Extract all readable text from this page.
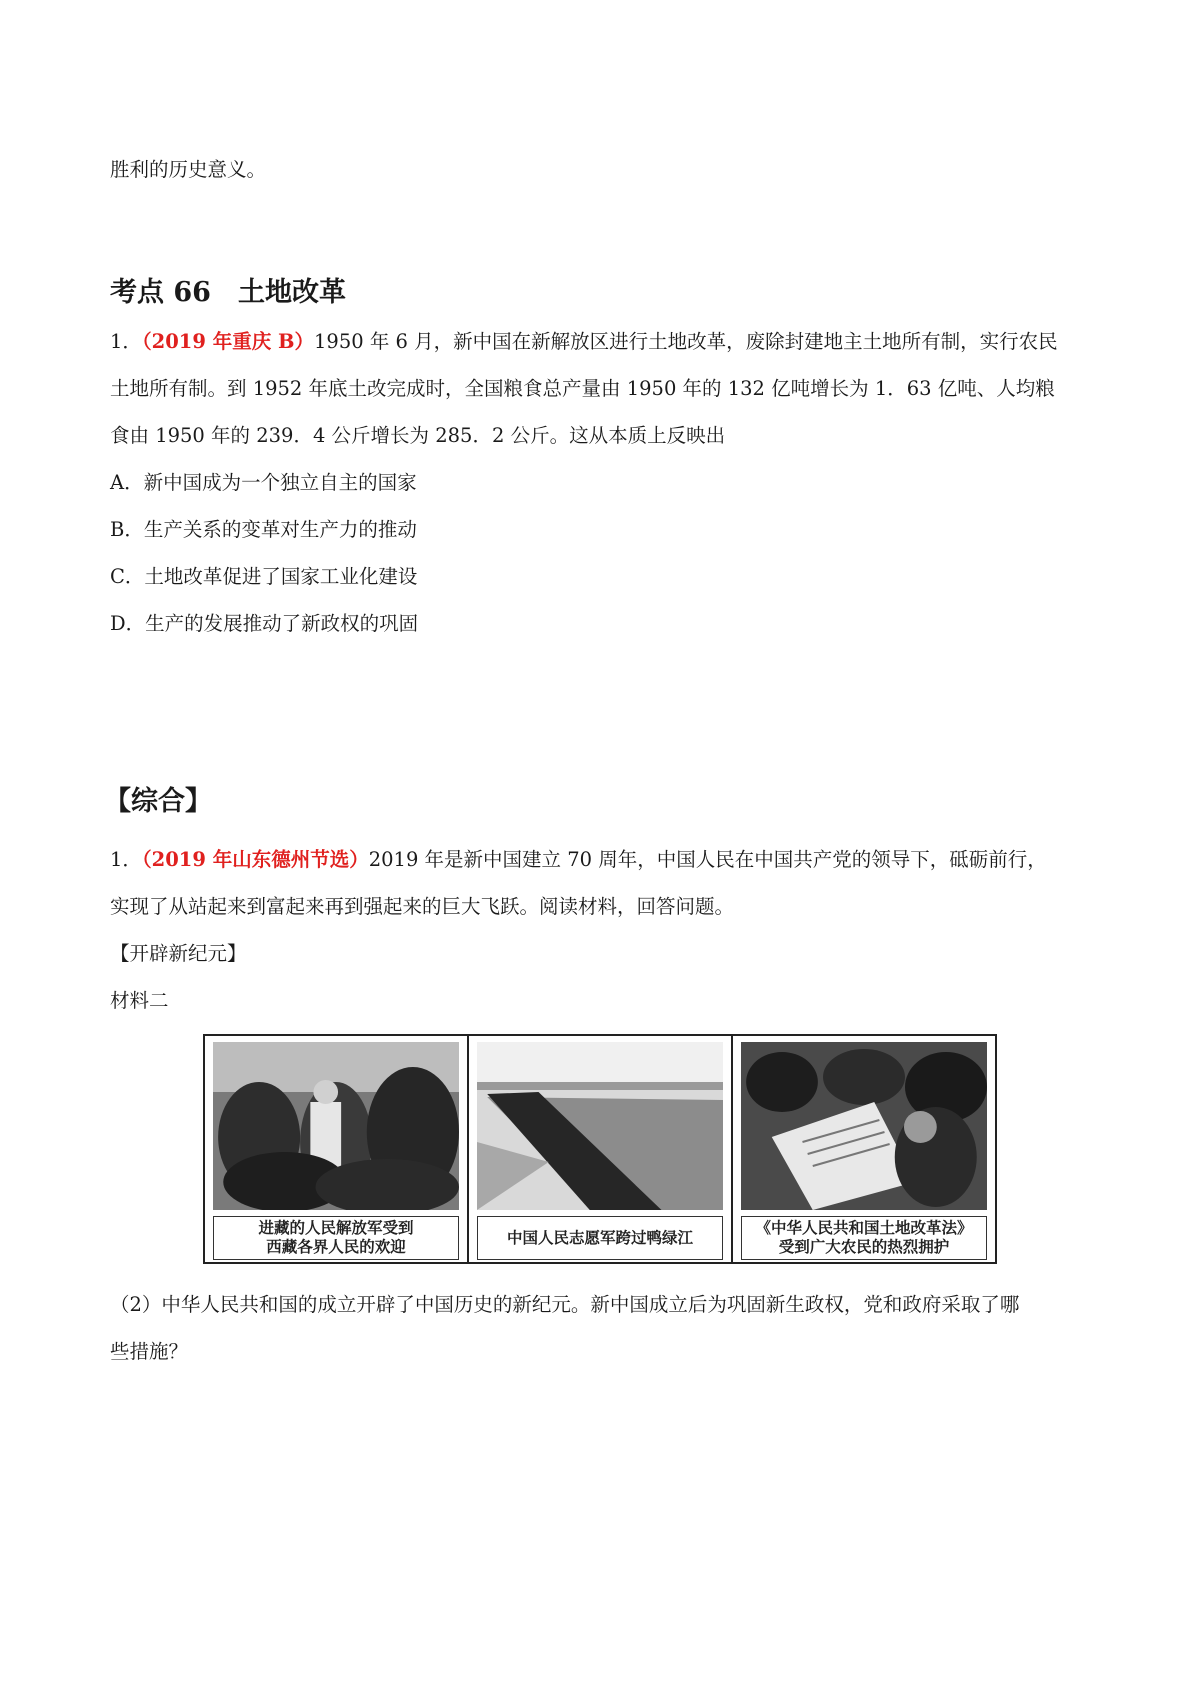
胜利的历史意义。
考点 66　土地改革
1．（2019 年重庆 B）1950 年 6 月，新中国在新解放区进行土地改革，废除封建地主土地所有制，实行农民
土地所有制。到 1952 年底土改完成时，全国粮食总产量由 1950 年的 132 亿吨增长为 1．63 亿吨、人均粮
食由 1950 年的 239．4 公斤增长为 285．2 公斤。这从本质上反映出
A．新中国成为一个独立自主的国家
B．生产关系的变革对生产力的推动
C．土地改革促进了国家工业化建设
D．生产的发展推动了新政权的巩固
【综合】
1．（2019 年山东德州节选）2019 年是新中国建立 70 周年，中国人民在中国共产党的领导下，砥砺前行，
实现了从站起来到富起来再到强起来的巨大飞跃。阅读材料，回答问题。
【开辟新纪元】
材料二
进藏的人民解放军受到
西藏各界人民的欢迎
中国人民志愿军跨过鸭绿江
《中华人民共和国土地改革法》
受到广大农民的热烈拥护
（2）中华人民共和国的成立开辟了中国历史的新纪元。新中国成立后为巩固新生政权，党和政府采取了哪
些措施？
